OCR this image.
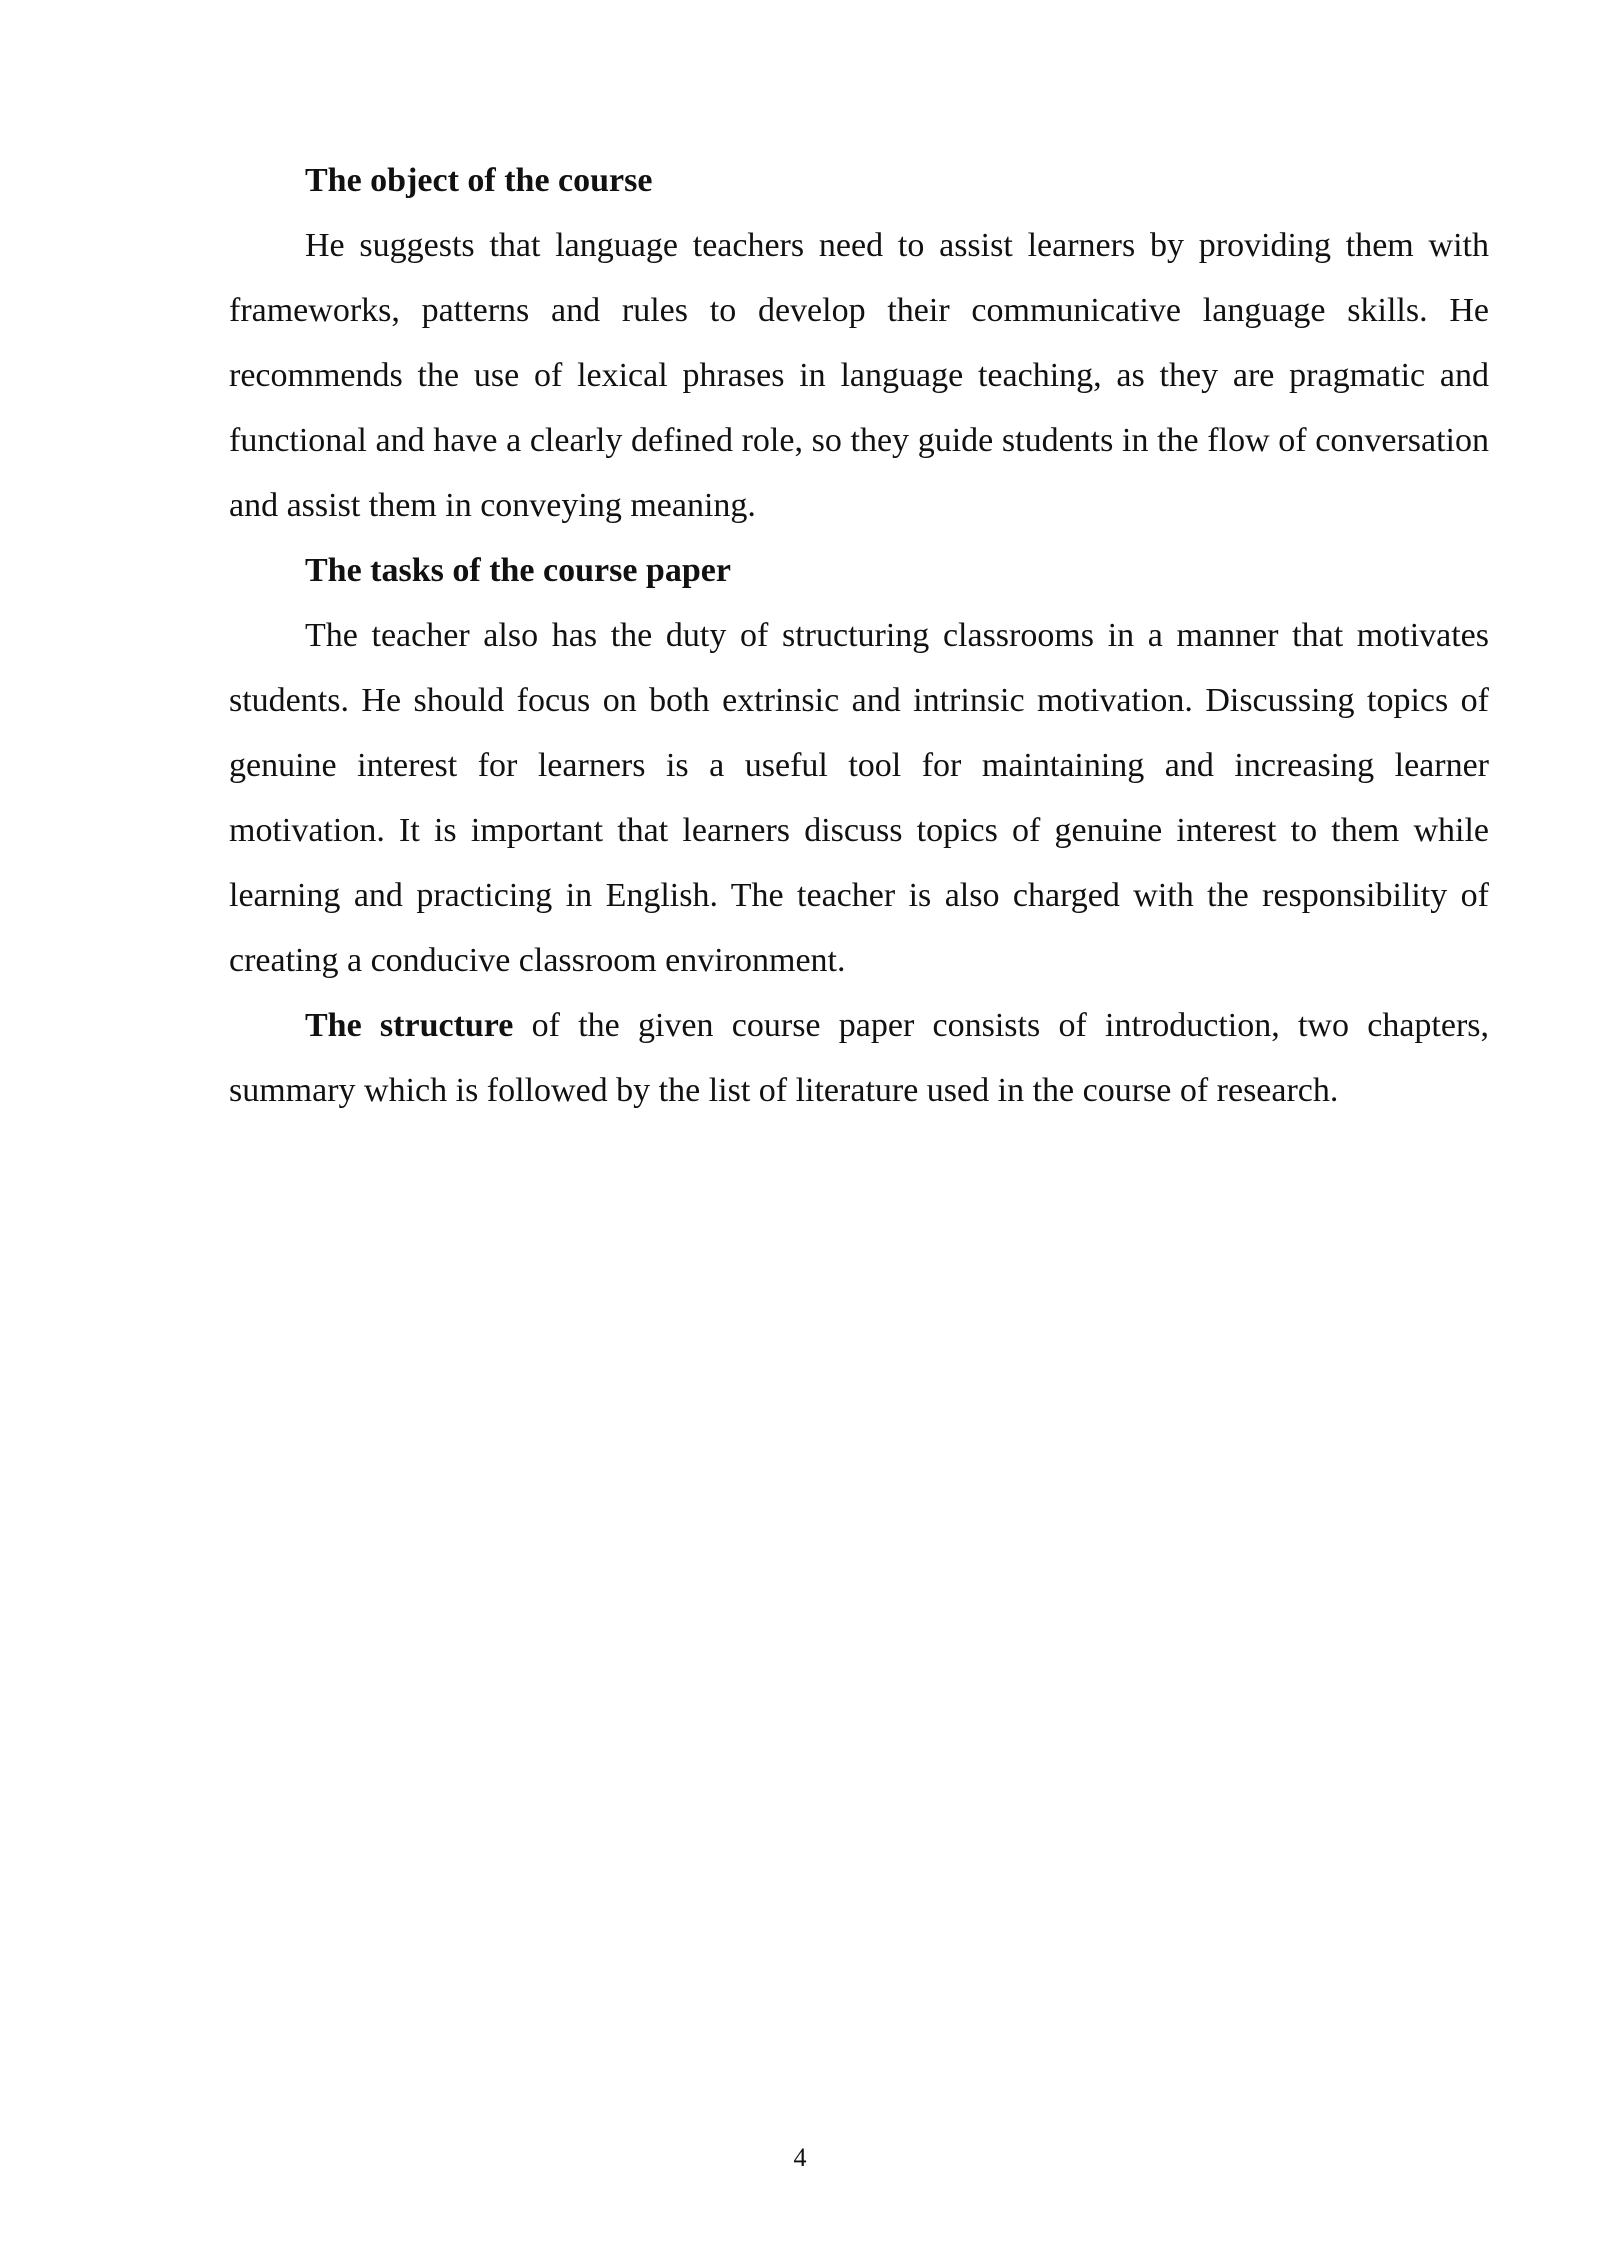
The object of the course

He suggests that language teachers need to assist learners by providing them with frameworks, patterns and rules to develop their communicative language skills. He recommends the use of lexical phrases in language teaching, as they are pragmatic and functional and have a clearly defined role, so they guide students in the flow of conversation and assist them in conveying meaning.

The tasks of the course paper

The teacher also has the duty of structuring classrooms in a manner that motivates students. He should focus on both extrinsic and intrinsic motivation. Discussing topics of genuine interest for learners is a useful tool for maintaining and increasing learner motivation. It is important that learners discuss topics of genuine interest to them while learning and practicing in English. The teacher is also charged with the responsibility of creating a conducive classroom environment.

The structure of the given course paper consists of introduction, two chapters, summary which is followed by the list of literature used in the course of research.

4
